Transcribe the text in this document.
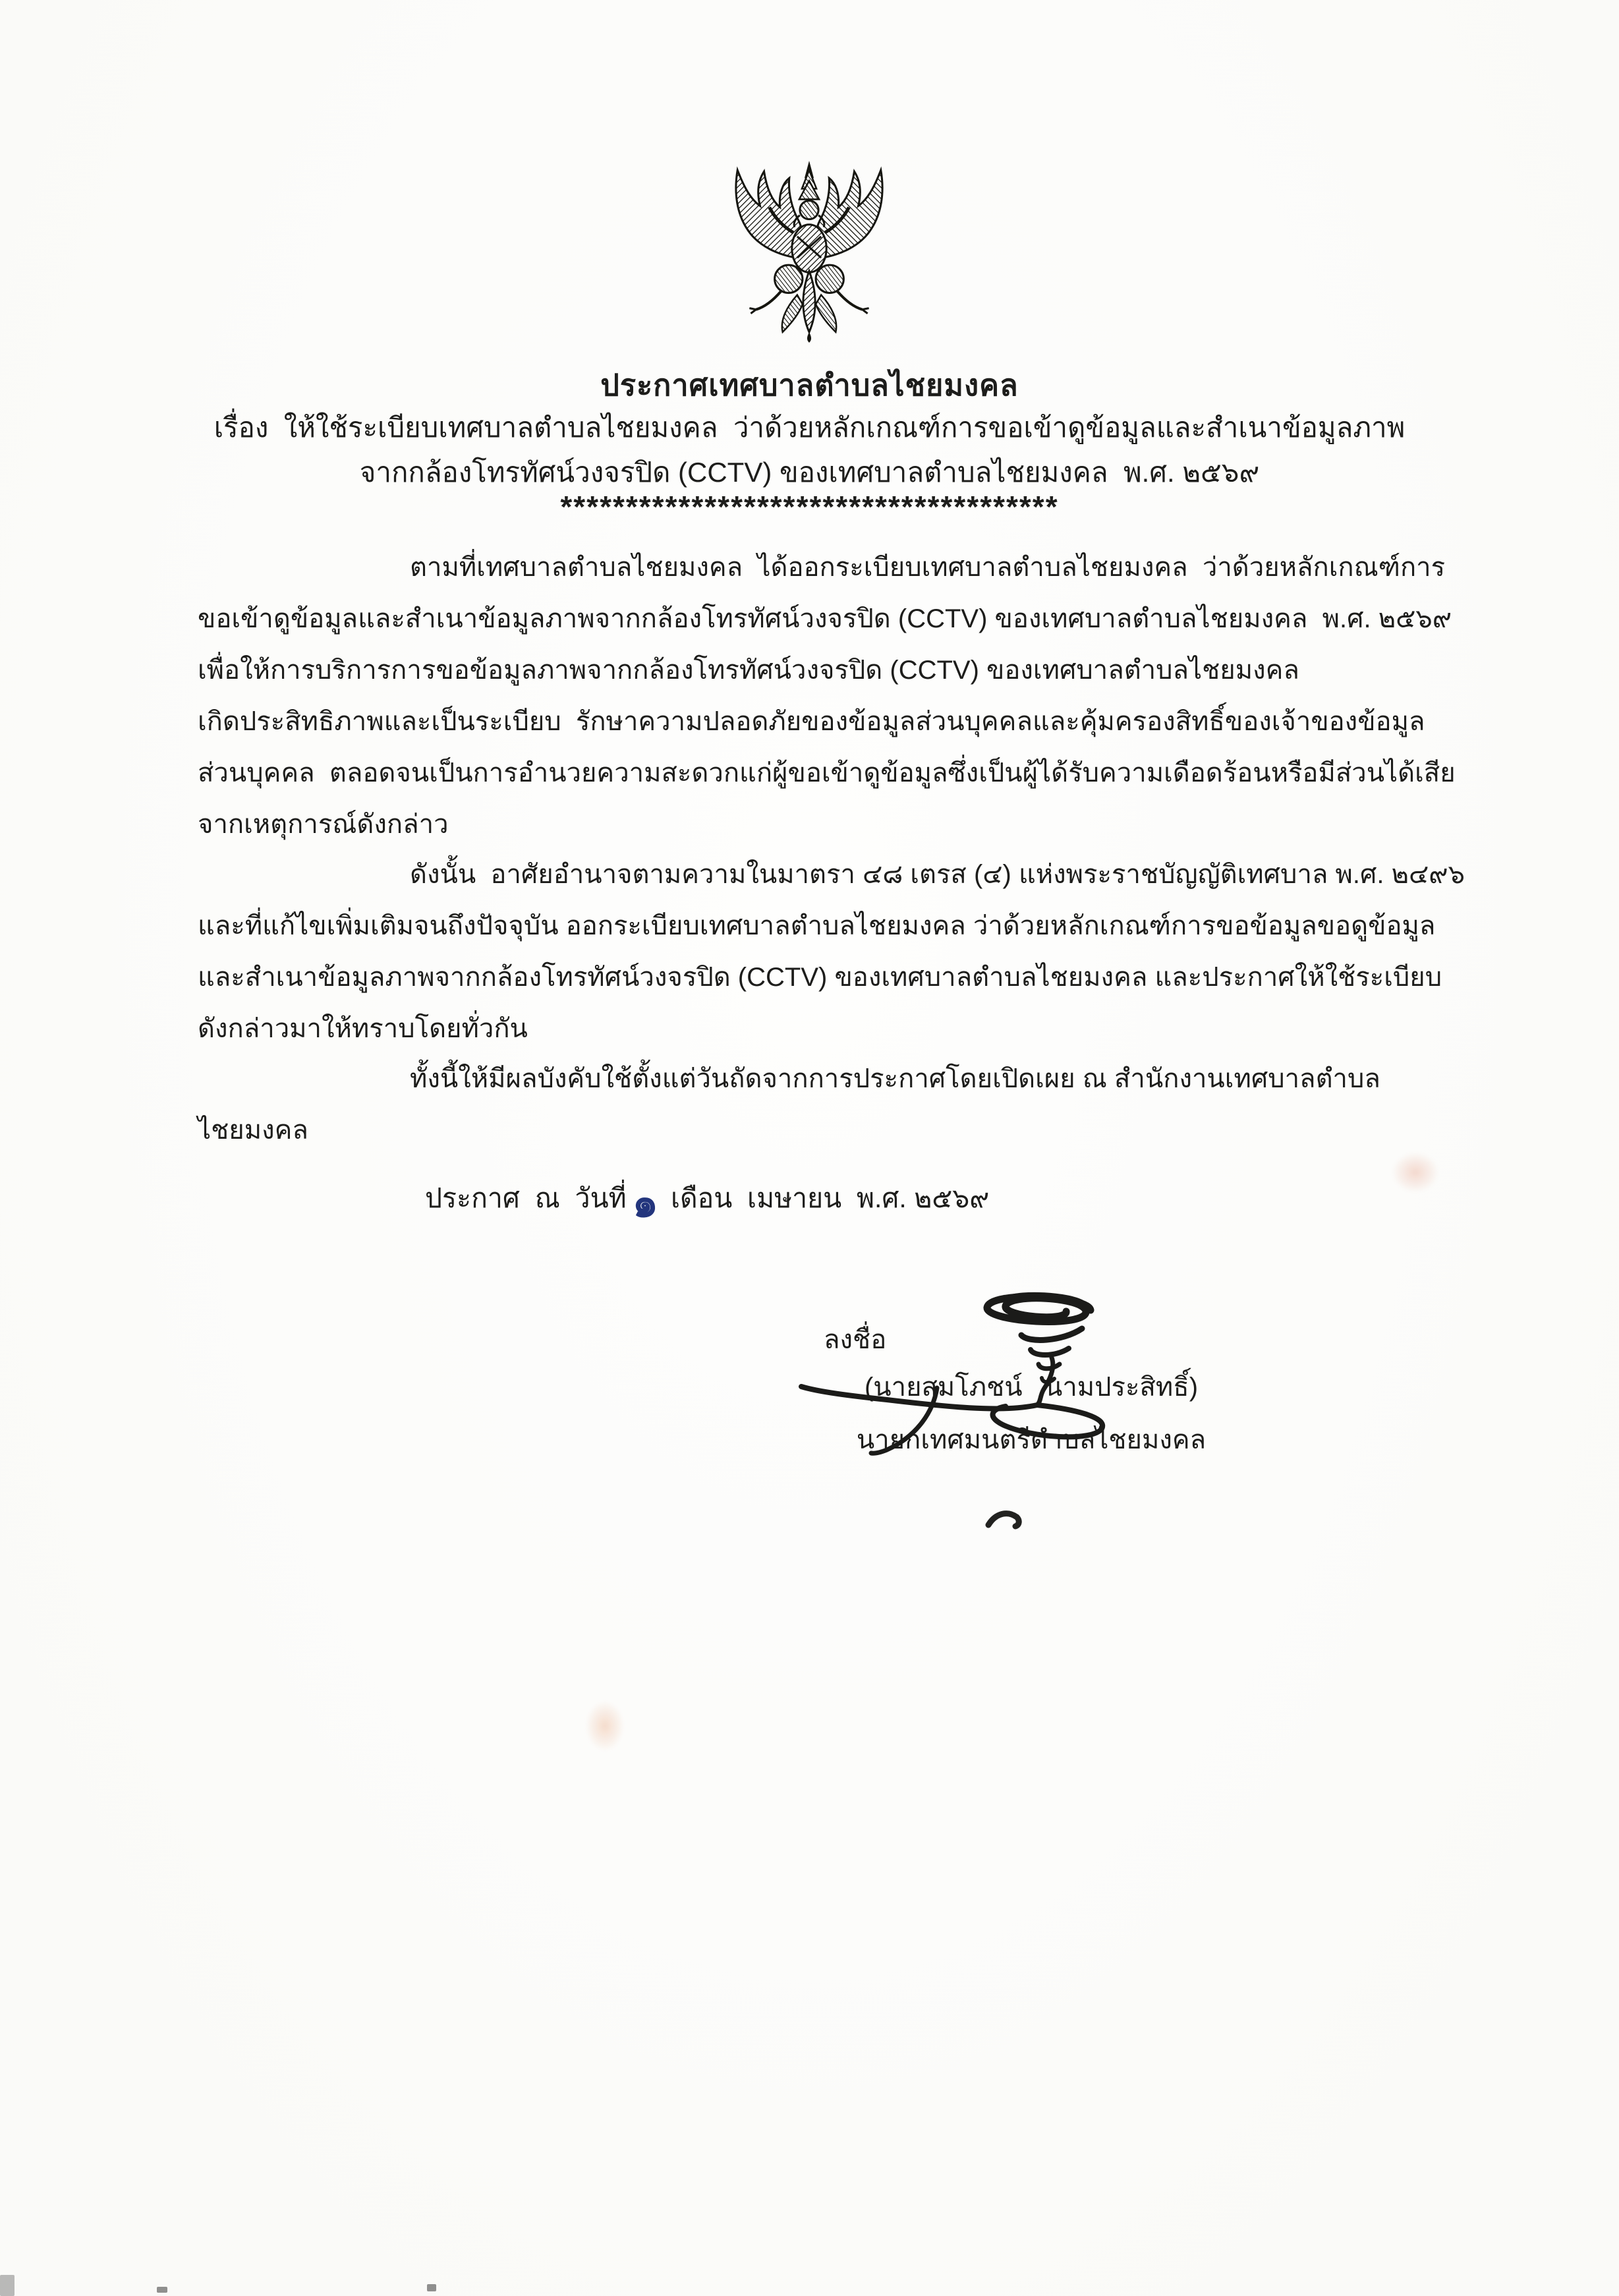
ประกาศเทศบาลตำบลไชยมงคล
เรื่อง  ให้ใช้ระเบียบเทศบาลตำบลไชยมงคล  ว่าด้วยหลักเกณฑ์การขอเข้าดูข้อมูลและสำเนาข้อมูลภาพ
จากกล้องโทรทัศน์วงจรปิด (CCTV) ของเทศบาลตำบลไชยมงคล  พ.ศ. ๒๕๖๙
**************************************
ตามที่เทศบาลตำบลไชยมงคล  ได้ออกระเบียบเทศบาลตำบลไชยมงคล  ว่าด้วยหลักเกณฑ์การ
ขอเข้าดูข้อมูลและสำเนาข้อมูลภาพจากกล้องโทรทัศน์วงจรปิด (CCTV) ของเทศบาลตำบลไชยมงคล  พ.ศ. ๒๕๖๙
เพื่อให้การบริการการขอข้อมูลภาพจากกล้องโทรทัศน์วงจรปิด (CCTV) ของเทศบาลตำบลไชยมงคล
เกิดประสิทธิภาพและเป็นระเบียบ  รักษาความปลอดภัยของข้อมูลส่วนบุคคลและคุ้มครองสิทธิ์ของเจ้าของข้อมูล
ส่วนบุคคล  ตลอดจนเป็นการอำนวยความสะดวกแก่ผู้ขอเข้าดูข้อมูลซึ่งเป็นผู้ได้รับความเดือดร้อนหรือมีส่วนได้เสีย
จากเหตุการณ์ดังกล่าว
ดังนั้น  อาศัยอำนาจตามความในมาตรา ๔๘ เตรส (๔) แห่งพระราชบัญญัติเทศบาล พ.ศ. ๒๔๙๖
และที่แก้ไขเพิ่มเติมจนถึงปัจจุบัน ออกระเบียบเทศบาลตำบลไชยมงคล ว่าด้วยหลักเกณฑ์การขอข้อมูลขอดูข้อมูล
และสำเนาข้อมูลภาพจากกล้องโทรทัศน์วงจรปิด (CCTV) ของเทศบาลตำบลไชยมงคล และประกาศให้ใช้ระเบียบ
ดังกล่าวมาให้ทราบโดยทั่วกัน
ทั้งนี้ให้มีผลบังคับใช้ตั้งแต่วันถัดจากการประกาศโดยเปิดเผย ณ สำนักงานเทศบาลตำบล
ไชยมงคล
ประกาศ  ณ  วันที่๑ เดือน  เมษายน  พ.ศ. ๒๕๖๙
ลงชื่อ
(นายสมโภชน์   นามประสิทธิ์)
นายกเทศมนตรีตำบลไชยมงคล
